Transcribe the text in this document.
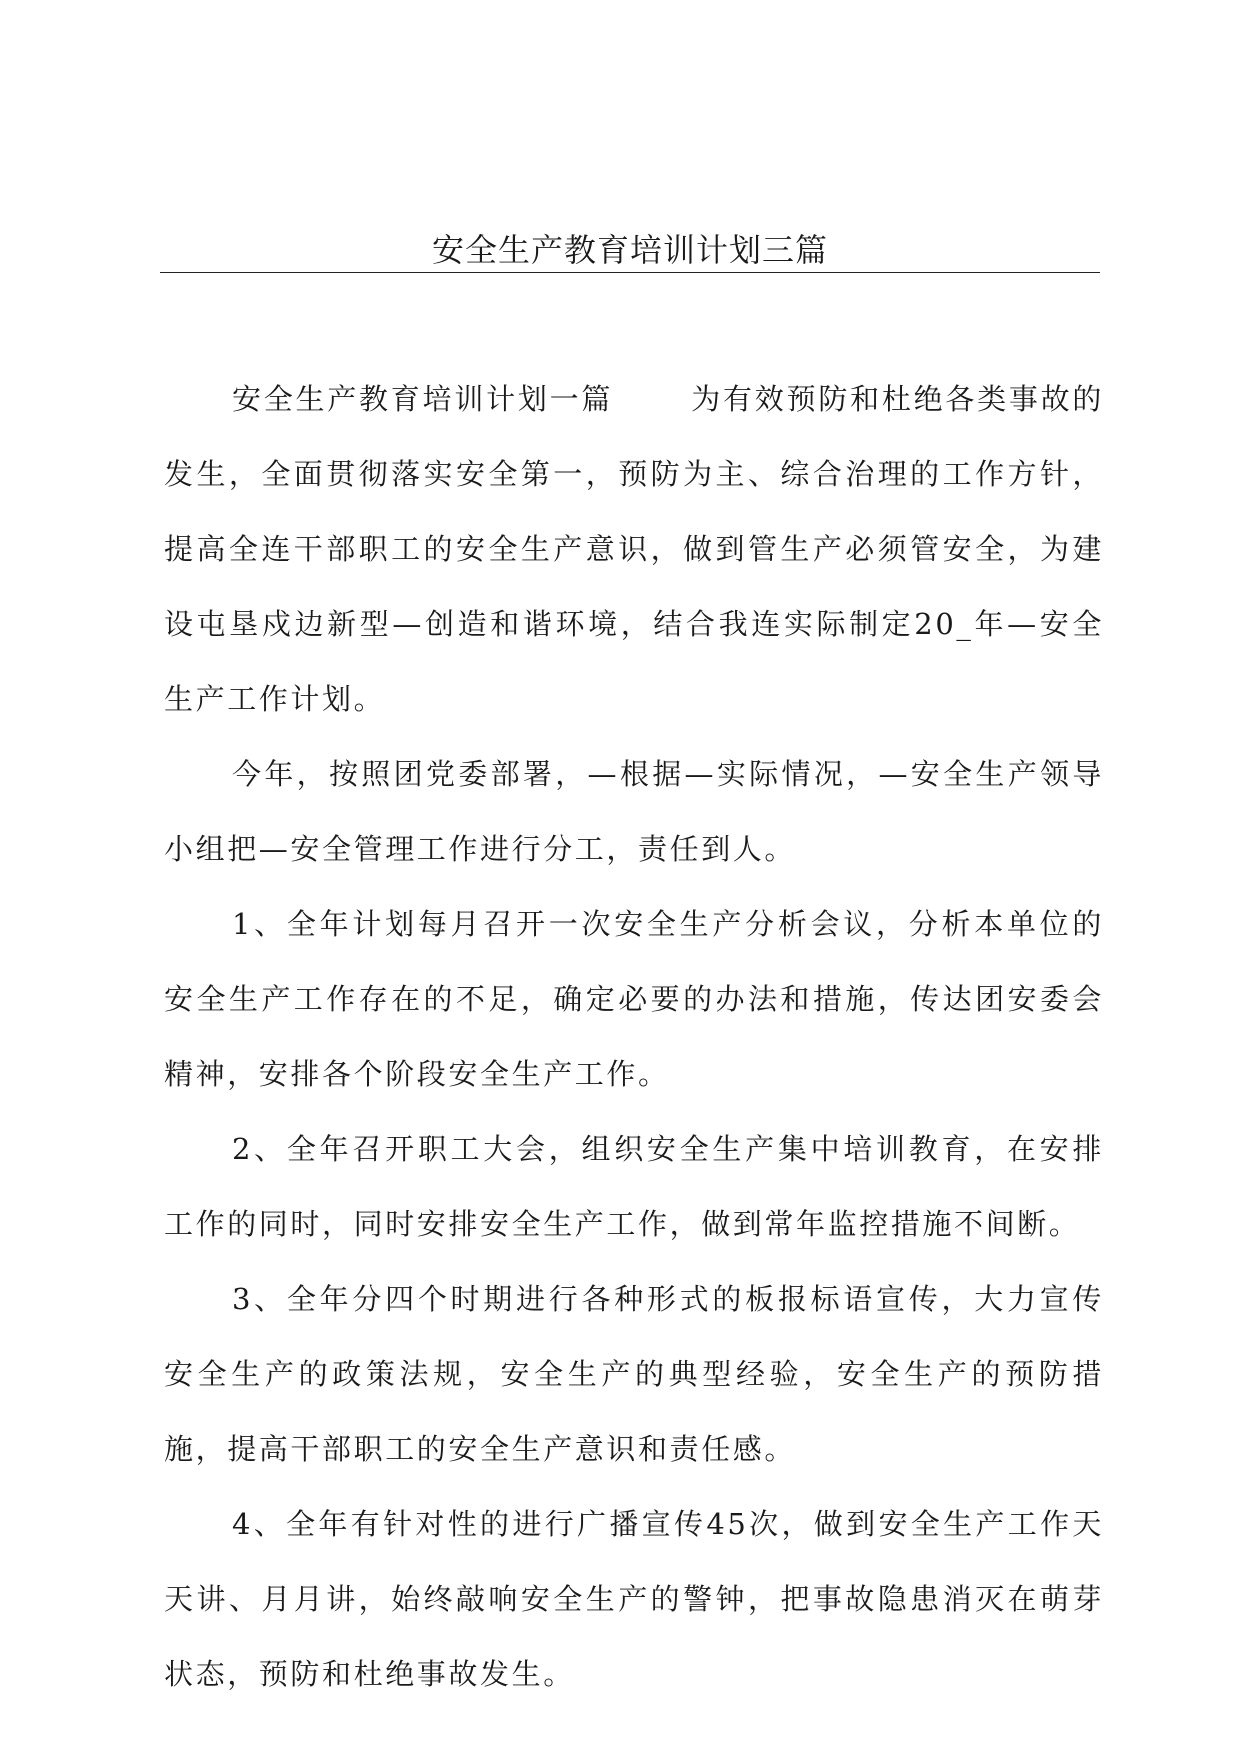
安全生产教育培训计划三篇

安全生产教育培训计划一篇	为有效预防和杜绝各类事故的发生，全面贯彻落实安全第一，预防为主、综合治理的工作方针，提高全连干部职工的安全生产意识，做到管生产必须管安全，为建设屯垦戍边新型—创造和谐环境，结合我连实际制定20_年—安全生产工作计划。

今年，按照团党委部署，—根据—实际情况，—安全生产领导小组把—安全管理工作进行分工，责任到人。

1、全年计划每月召开一次安全生产分析会议，分析本单位的安全生产工作存在的不足，确定必要的办法和措施，传达团安委会精神，安排各个阶段安全生产工作。

2、全年召开职工大会，组织安全生产集中培训教育，在安排工作的同时，同时安排安全生产工作，做到常年监控措施不间断。

3、全年分四个时期进行各种形式的板报标语宣传，大力宣传安全生产的政策法规，安全生产的典型经验，安全生产的预防措施，提高干部职工的安全生产意识和责任感。

4、全年有针对性的进行广播宣传45次，做到安全生产工作天天讲、月月讲，始终敲响安全生产的警钟，把事故隐患消灭在萌芽状态，预防和杜绝事故发生。
